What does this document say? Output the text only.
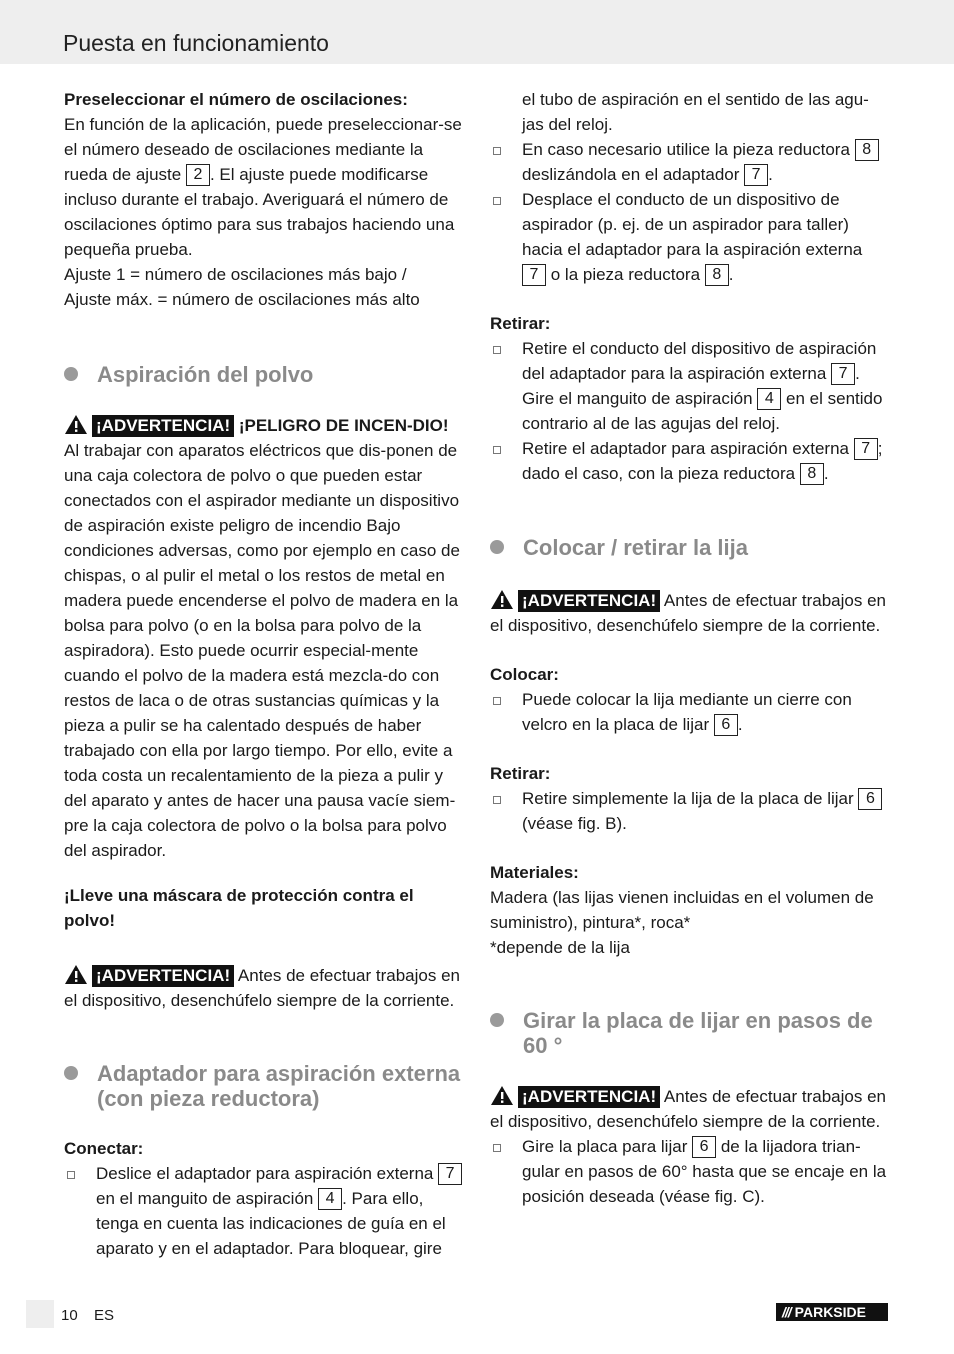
Puesta en funcionamiento

Preseleccionar el número de oscilaciones:

En función de la aplicación, puede preseleccionar-se el número deseado de oscilaciones mediante la rueda de ajuste 2 . El ajuste puede modificarse incluso durante el trabajo. Averiguará el número de oscilaciones óptimo para sus trabajos haciendo una pequeña prueba.

Ajuste 1 = número de oscilaciones más bajo /

Ajuste máx. = número de oscilaciones más alto

Aspiración del polvo

¡ADVERTENCIA! ¡PELIGRO DE INCEN-DIO! Al trabajar con aparatos eléctricos que dis-ponen de una caja colectora de polvo o que pueden estar conectados con el aspirador mediante un dispositivo de aspiración existe peligro de incendio Bajo condiciones adversas, como por ejemplo en caso de chispas, o al pulir el metal o los restos de metal en madera puede encenderse el polvo de madera en la bolsa para polvo (o en la bolsa para polvo de la aspiradora). Esto puede ocurrir especial-mente cuando el polvo de la madera está mezcla-do con restos de laca o de otras sustancias químicas y la pieza a pulir se ha calentado después de haber trabajado con ella por largo tiempo. Por ello, evite a toda costa un recalentamiento de la pieza a pulir y del aparato y antes de hacer una pausa vacíe siem-pre la caja colectora de polvo o la bolsa para polvo del aspirador.

¡Lleve una máscara de protección contra el polvo!

¡ADVERTENCIA! Antes de efectuar trabajos en el dispositivo, desenchúfelo siempre de la corriente.

Adaptador para aspiración externa (con pieza reductora)

Conectar:

Deslice el adaptador para aspiración externa 7 en el manguito de aspiración 4 . Para ello, tenga en cuenta las indicaciones de guía en el aparato y en el adaptador. Para bloquear, gire

el tubo de aspiración en el sentido de las agu-jas del reloj.

En caso necesario utilice la pieza reductora 8 deslizándola en el adaptador 7 .
Desplace el conducto de un dispositivo de aspirador (p. ej. de un aspirador para taller) hacia el adaptador para la aspiración externa 7 o la pieza reductora 8 .

Retirar:

Retire el conducto del dispositivo de aspiración del adaptador para la aspiración externa 7 . Gire el manguito de aspiración 4 en el sentido contrario al de las agujas del reloj.
Retire el adaptador para aspiración externa 7 ; dado el caso, con la pieza reductora 8 .
Colocar / retirar la lija

¡ADVERTENCIA! Antes de efectuar trabajos en el dispositivo, desenchúfelo siempre de la corriente.

Colocar:

Puede colocar la lija mediante un cierre con velcro en la placa de lijar 6 .

Retirar:

Retire simplemente la lija de la placa de lijar 6 (véase fig. B).

Materiales:

Madera (las lijas vienen incluidas en el volumen de suministro), pintura*, roca*

*depende de la lija

Girar la placa de lijar en pasos de 60 °

¡ADVERTENCIA! Antes de efectuar trabajos en el dispositivo, desenchúfelo siempre de la corriente.

Gire la placa para lijar 6 de la lijadora trian-gular en pasos de 60° hasta que se encaje en la posición deseada (véase fig. C).
10 ES	/// PARKSIDE
